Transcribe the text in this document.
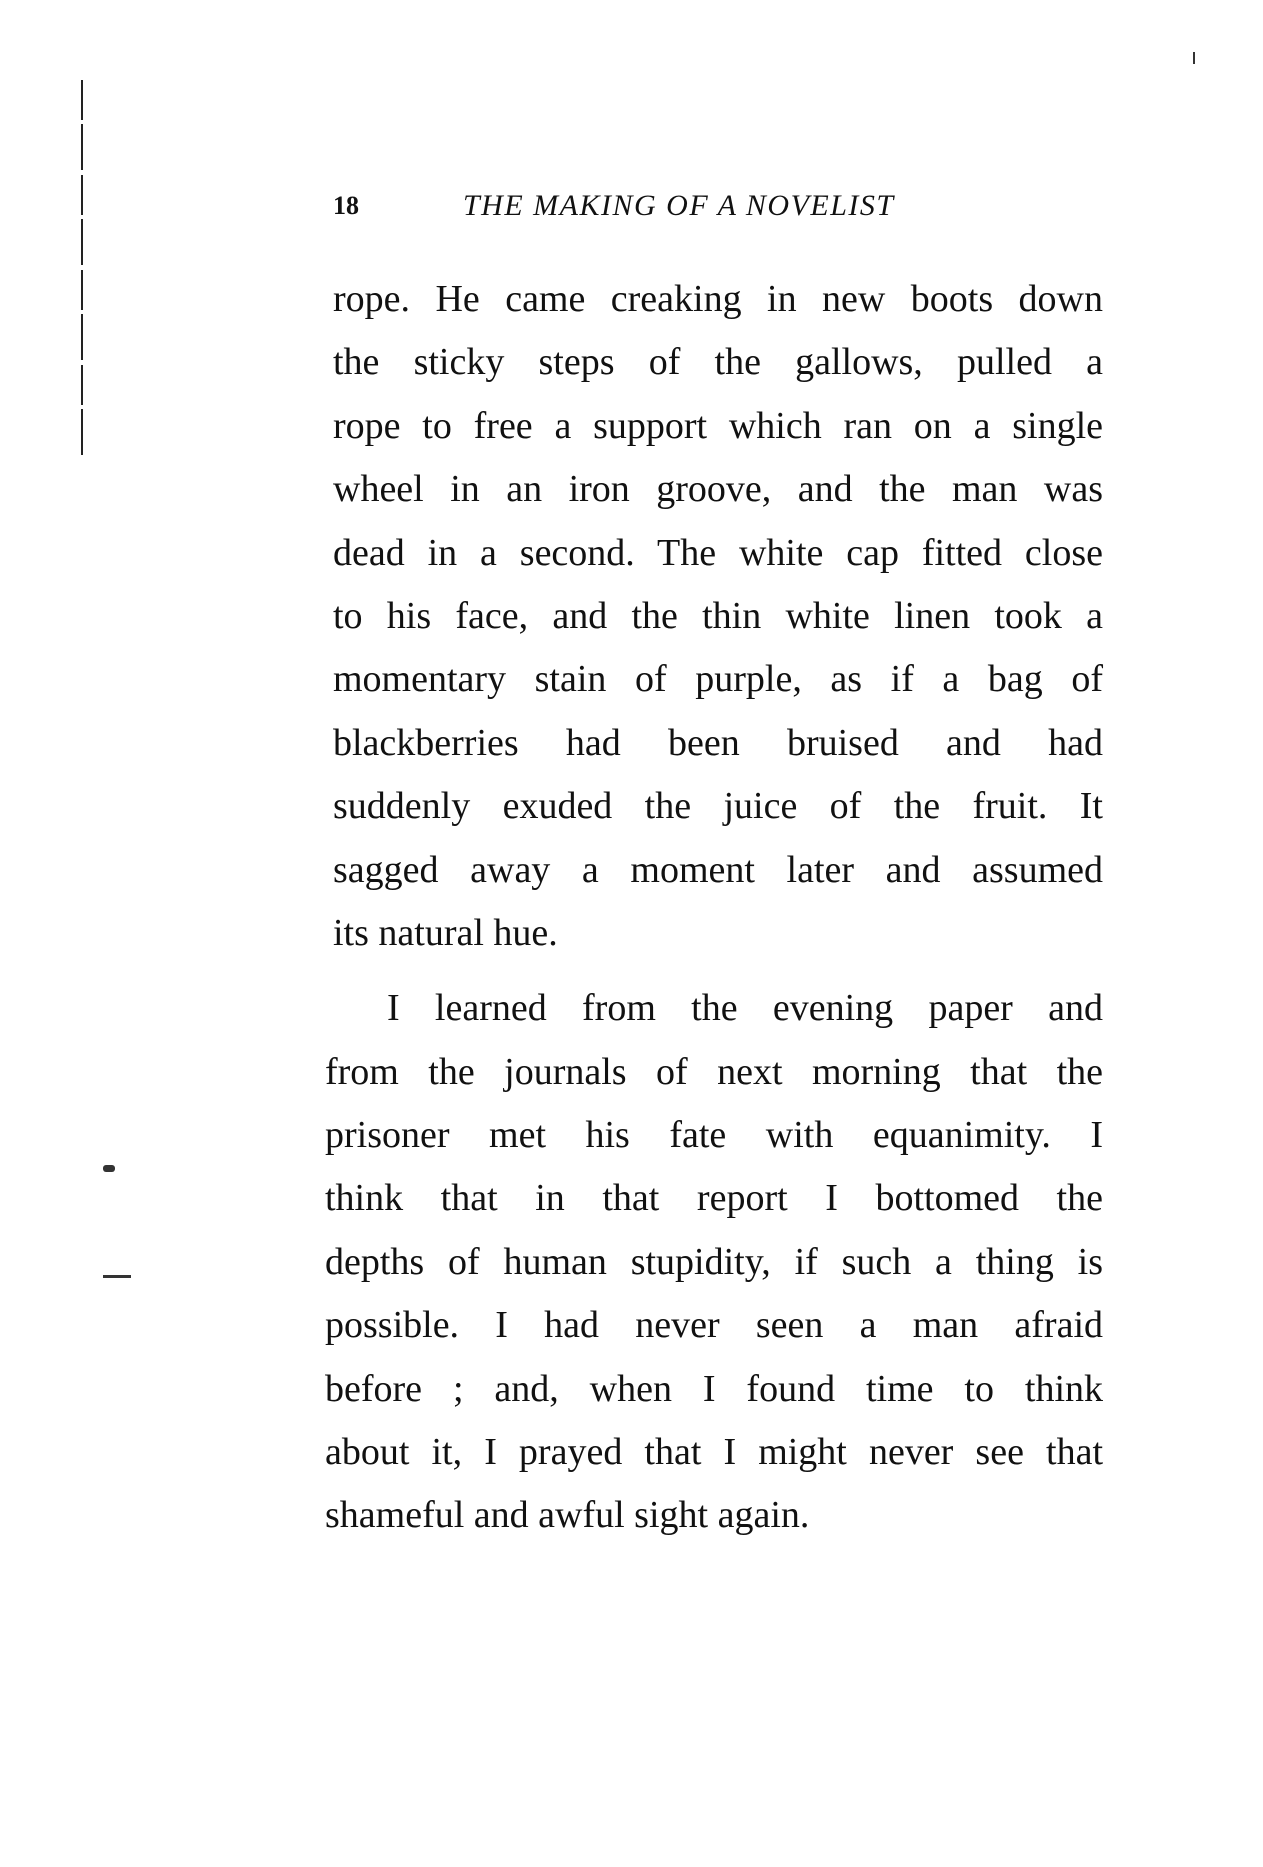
18	THE MAKING OF A NOVELIST
rope. He came creaking in new boots down
the sticky steps of the gallows, pulled a
rope to free a support which ran on a single
wheel in an iron groove, and the man was
dead in a second. The white cap fitted close
to his face, and the thin white linen took a
momentary stain of purple, as if a bag of
blackberries had been bruised and had
suddenly exuded the juice of the fruit. It
sagged away a moment later and assumed
its natural hue.
I learned from the evening paper and
from the journals of next morning that the
prisoner met his fate with equanimity. I
think that in that report I bottomed the
depths of human stupidity, if such a thing is
possible. I had never seen a man afraid
before ; and, when I found time to think
about it, I prayed that I might never see that
shameful and awful sight again.
